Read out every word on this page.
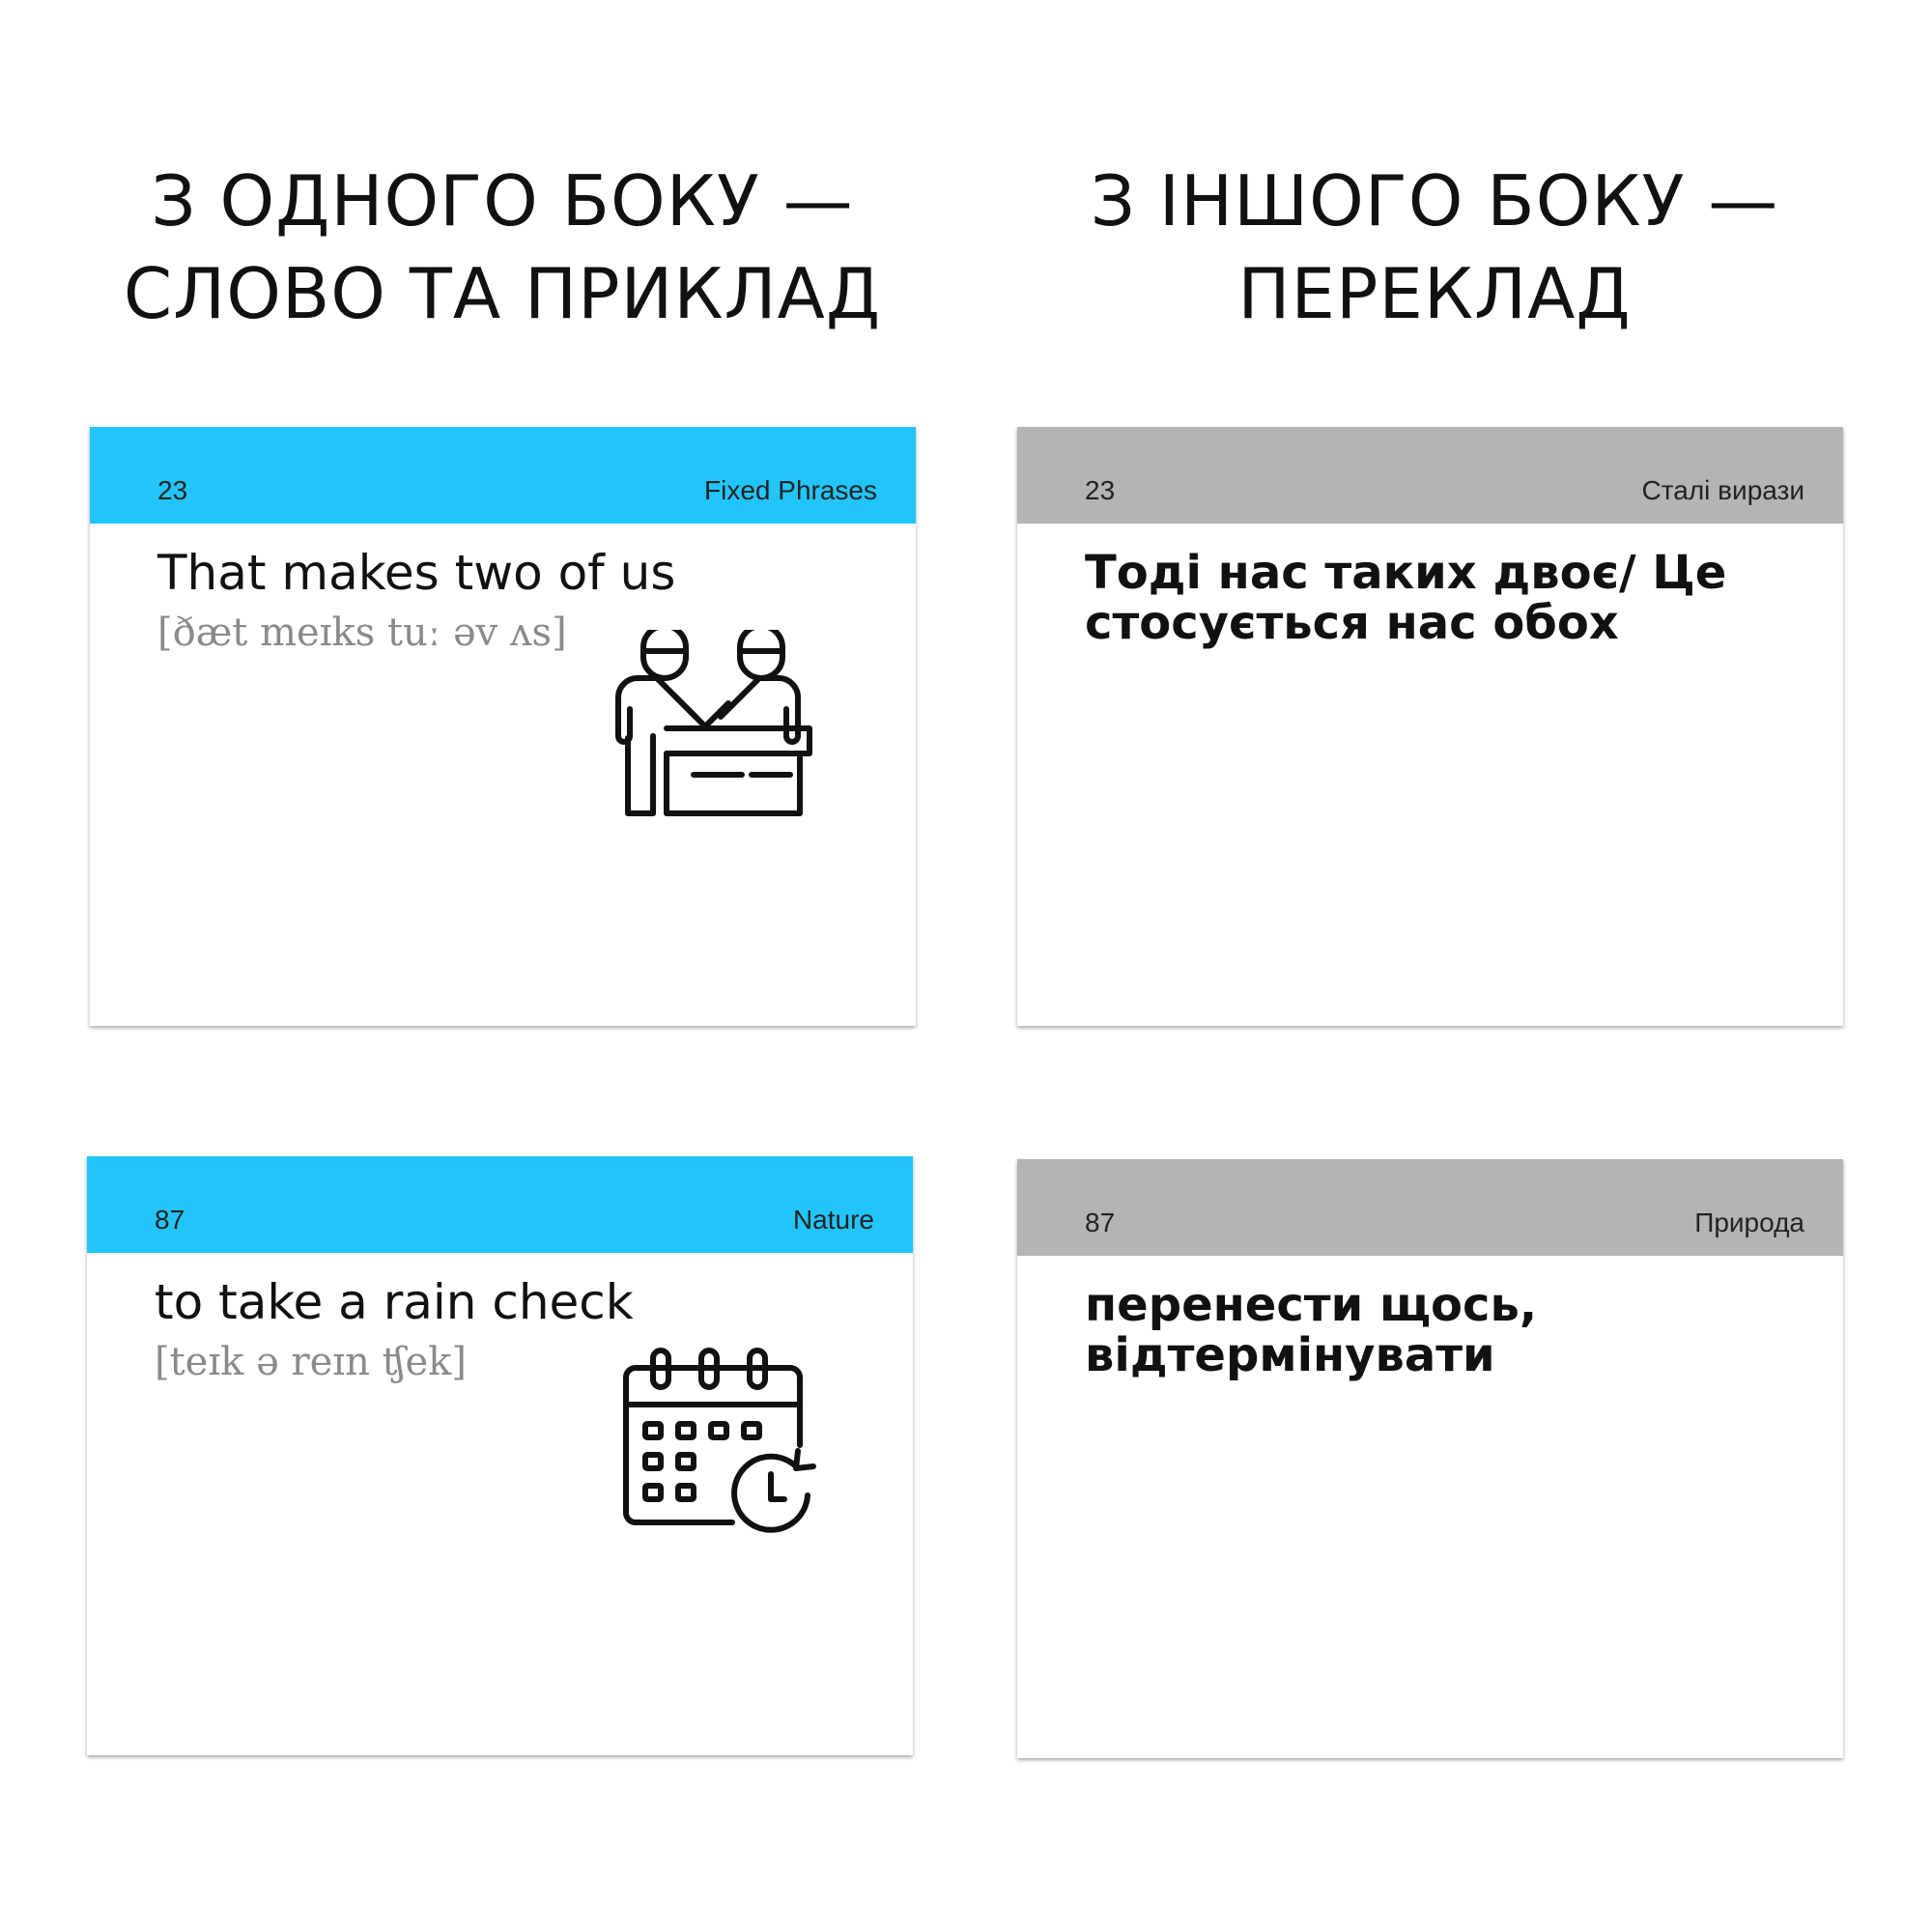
З ОДНОГО БОКУ —
СЛОВО ТА ПРИКЛАД
З ІНШОГО БОКУ —
ПЕРЕКЛАД
23	Fixed Phrases
That makes two of us
[ðæt meɪks tuː əv ʌs]
23	Сталі вирази
Тоді нас таких двоє/ Це стосується нас обох
87	Nature
to take a rain check
[teɪk ə reɪn ʧek]
87	Природа
перенести щось, відтермінувати
